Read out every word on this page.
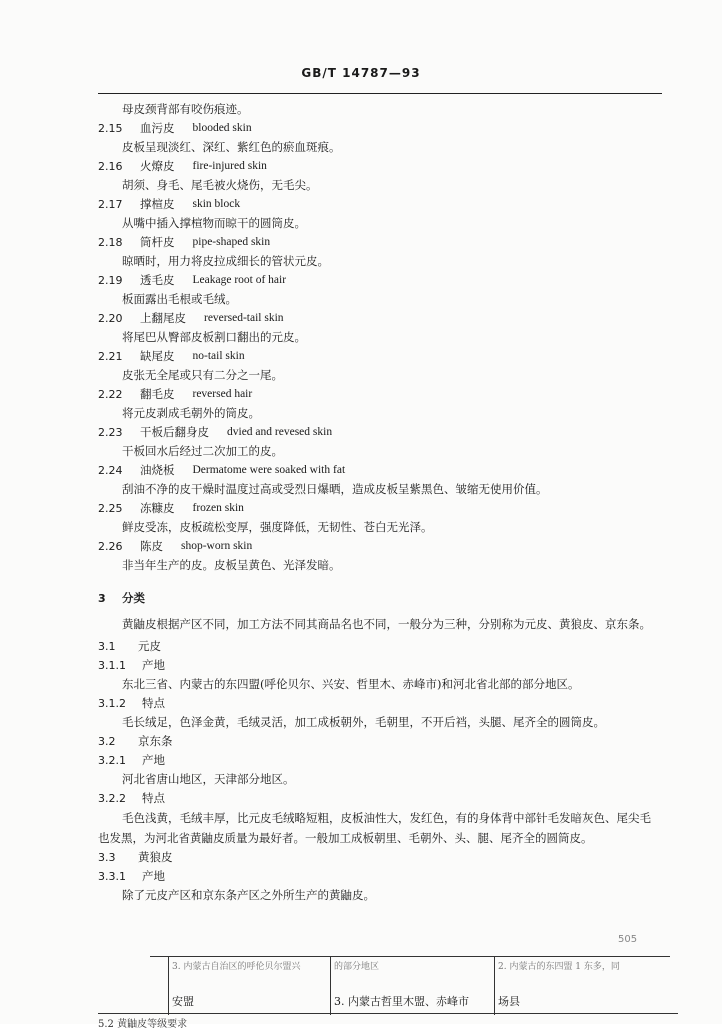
GB/T 14787—93
母皮颈背部有咬伤痕迹。
2.15	血污皮 blooded skin
皮板呈现淡红、深红、紫红色的瘀血斑痕。
2.16	火燎皮 fire-injured skin
胡须、身毛、尾毛被火烧伤，无毛尖。
2.17	撑楦皮 skin block
从嘴中插入撑楦物而晾干的圆筒皮。
2.18	筒杆皮 pipe-shaped skin
晾晒时，用力将皮拉成细长的管状元皮。
2.19	透毛皮 Leakage root of hair
板面露出毛根或毛绒。
2.20	上翻尾皮 reversed-tail skin
将尾巴从臀部皮板割口翻出的元皮。
2.21	缺尾皮 no-tail skin
皮张无全尾或只有二分之一尾。
2.22	翻毛皮 reversed hair
将元皮剥成毛朝外的筒皮。
2.23	干板后翻身皮 dvied and revesed skin
干板回水后经过二次加工的皮。
2.24	油烧板 Dermatome were soaked with fat
刮油不净的皮干燥时温度过高或受烈日爆晒，造成皮板呈紫黑色、皱缩无使用价值。
2.25	冻糠皮 frozen skin
鲜皮受冻，皮板疏松变厚，强度降低，无韧性、苍白无光泽。
2.26	陈皮 shop-worn skin
非当年生产的皮。皮板呈黄色、光泽发暗。
3	分类

黄鼬皮根据产区不同，加工方法不同其商品名也不同，一般分为三种，分别称为元皮、黄狼皮、京东条。

3.1	元皮
3.1.1	产地
东北三省、内蒙古的东四盟(呼伦贝尔、兴安、哲里木、赤峰市)和河北省北部的部分地区。
3.1.2	特点
毛长绒足，色泽金黄，毛绒灵活，加工成板朝外，毛朝里，不开后裆，头腿、尾齐全的圆筒皮。
3.2	京东条
3.2.1	产地
河北省唐山地区，天津部分地区。
3.2.2	特点

毛色浅黄，毛绒丰厚，比元皮毛绒略短粗，皮板油性大，发红色，有的身体背中部针毛发暗灰色、尾尖毛也发黑，为河北省黄鼬皮质量为最好者。一般加工成板朝里、毛朝外、头、腿、尾齐全的圆筒皮。

3.3	黄狼皮
3.3.1	产地
除了元皮产区和京东条产区之外所生产的黄鼬皮。
505
3. 内蒙古自治区的呼伦贝尔盟兴	的部分地区	2. 内蒙古的东四盟 1 东多，同
安盟	3. 内蒙古哲里木盟、赤峰市	场县
5.2 黄鼬皮等级要求
